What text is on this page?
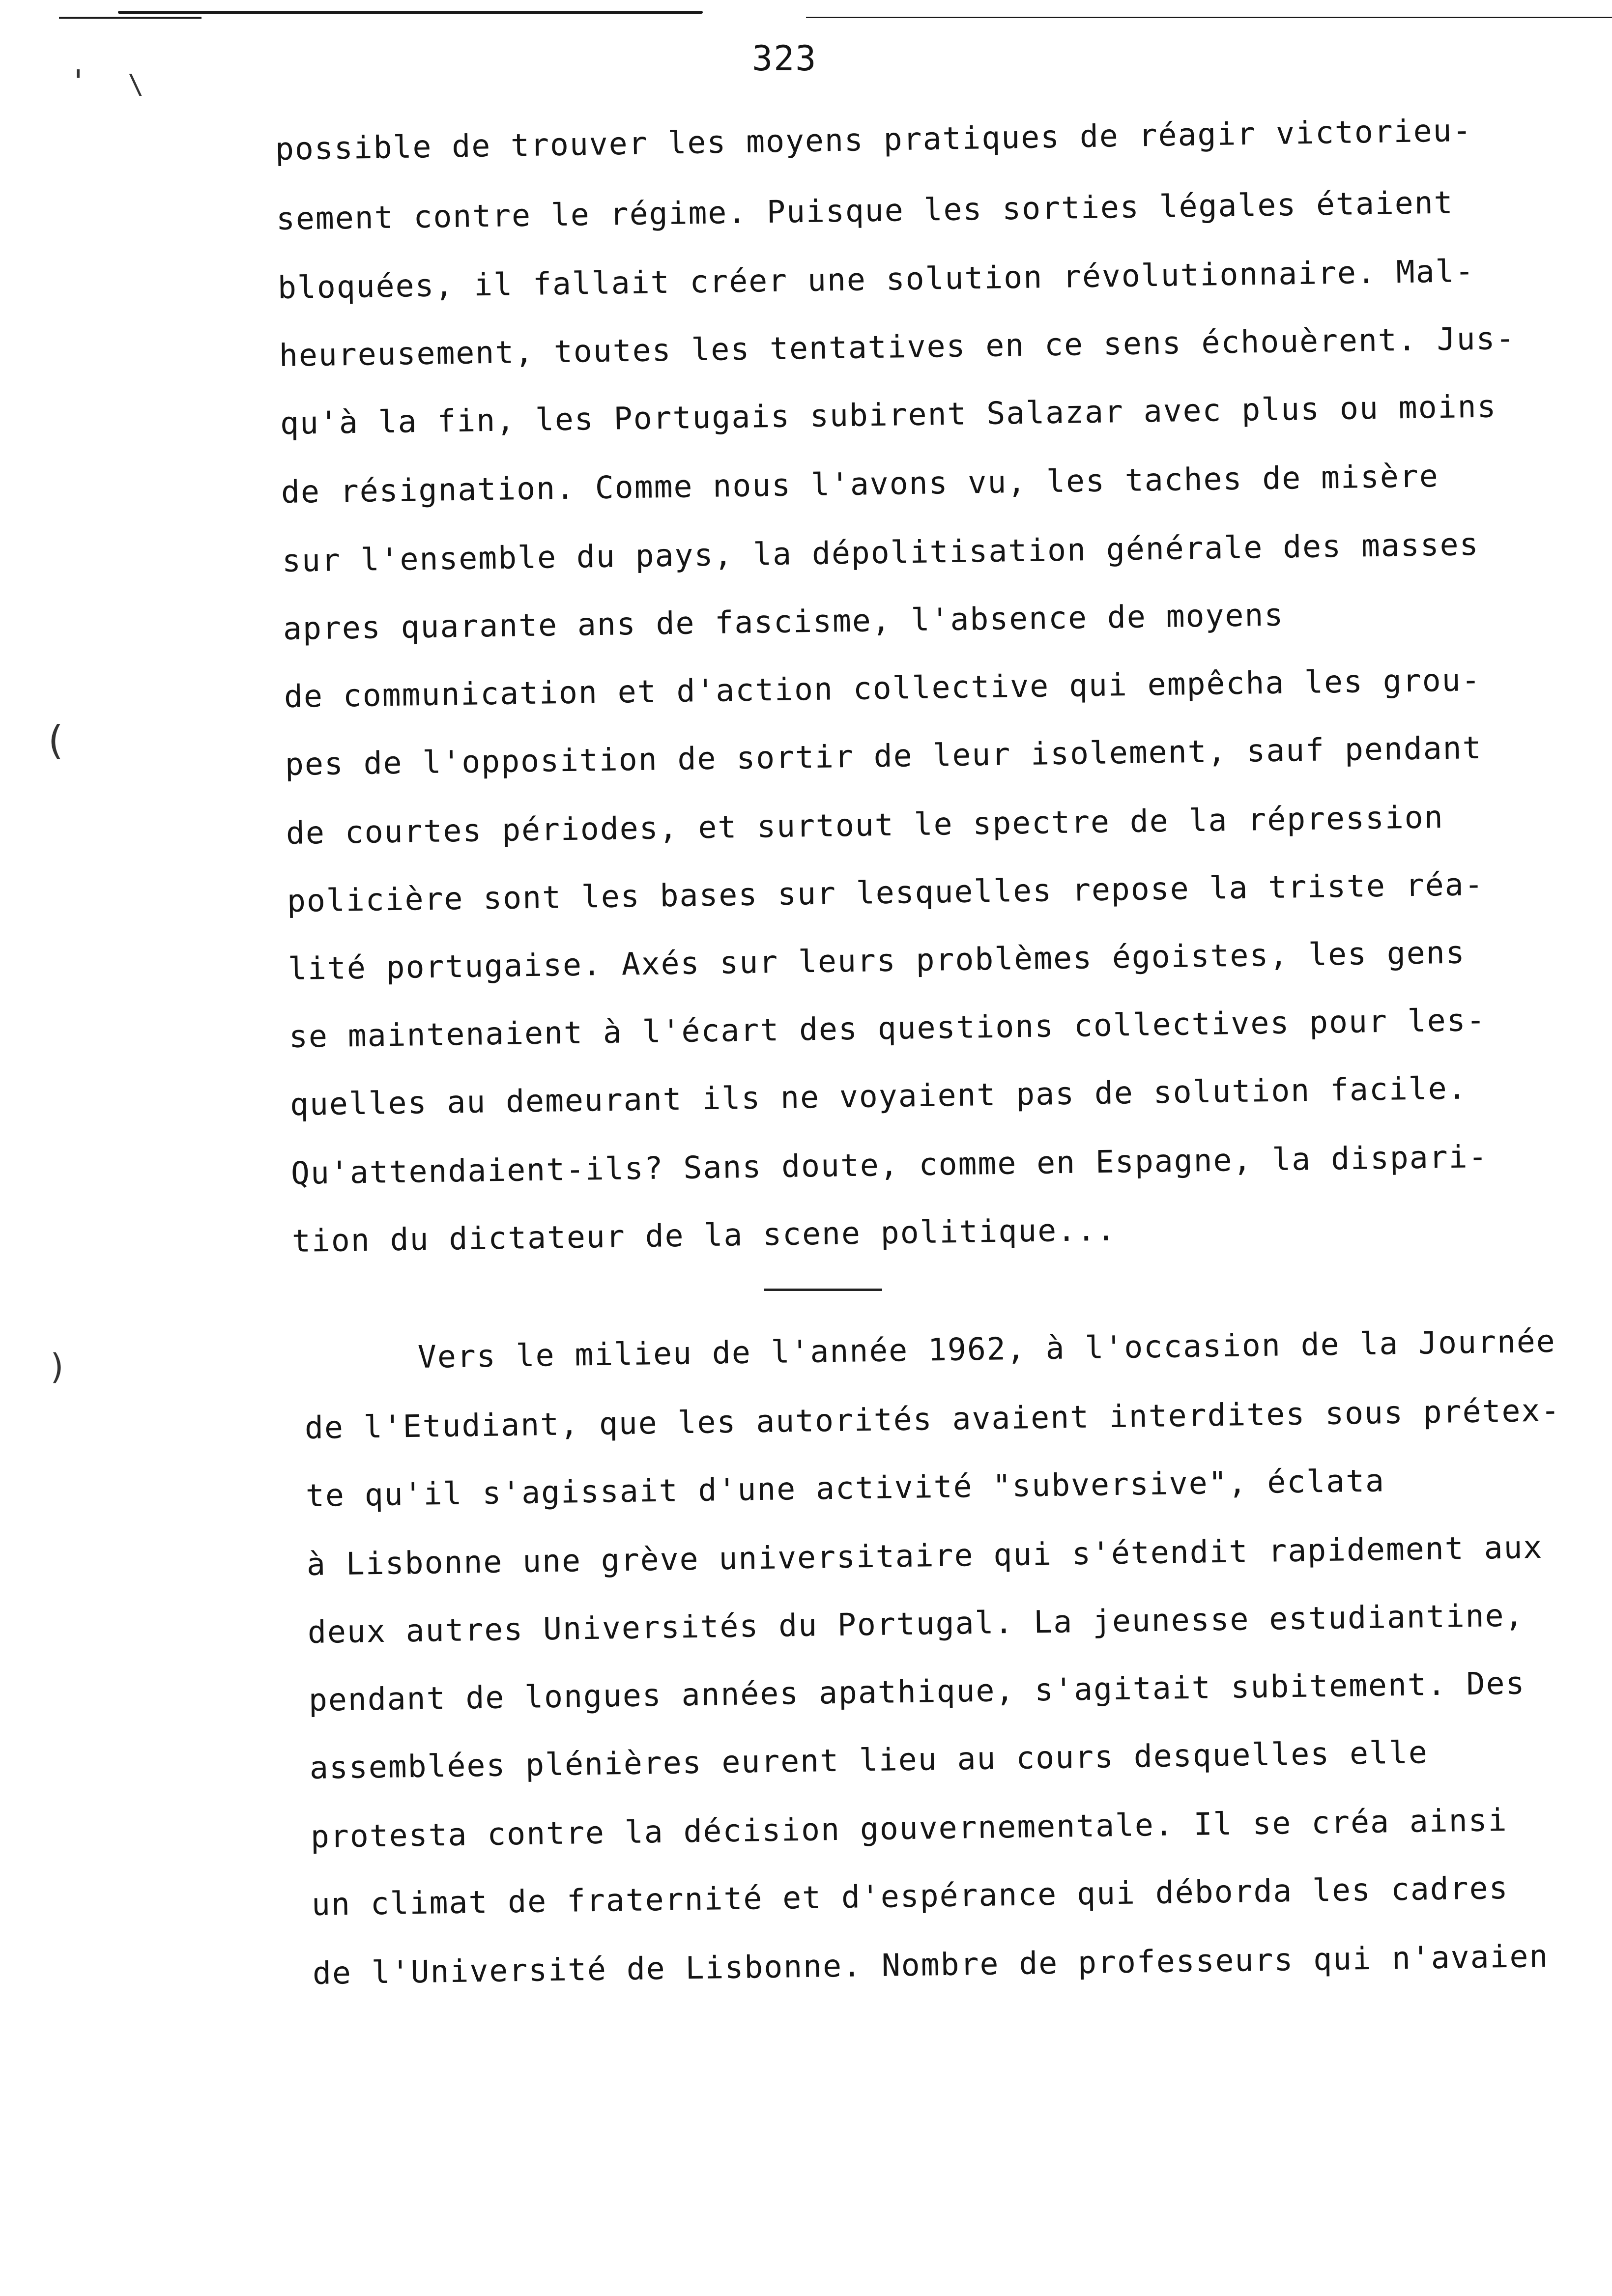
' \
(
)
323
possible de trouver les moyens pratiques de réagir victorieu-
sement contre le régime. Puisque les sorties légales étaient
bloquées, il fallait créer une solution révolutionnaire. Mal-
heureusement, toutes les tentatives en ce sens échouèrent. Jus-
qu'à la fin, les Portugais subirent Salazar avec plus ou moins
de résignation. Comme nous l'avons vu, les taches de misère
sur l'ensemble du pays, la dépolitisation générale des masses
apres quarante ans de fascisme, l'absence de moyens
de communication et d'action collective qui empêcha les grou-
pes de l'opposition de sortir de leur isolement, sauf pendant
de courtes périodes, et surtout le spectre de la répression
policière sont les bases sur lesquelles repose la triste réa-
lité portugaise. Axés sur leurs problèmes égoistes, les gens
se maintenaient à l'écart des questions collectives pour les-
quelles au demeurant ils ne voyaient pas de solution facile.
Qu'attendaient-ils? Sans doute, comme en Espagne, la dispari-
tion du dictateur de la scene politique...
Vers le milieu de l'année 1962, à l'occasion de la Journée
de l'Etudiant, que les autorités avaient interdites sous prétex-
te qu'il s'agissait d'une activité "subversive", éclata
à Lisbonne une grève universitaire qui s'étendit rapidement aux
deux autres Universités du Portugal. La jeunesse estudiantine,
pendant de longues années apathique, s'agitait subitement. Des
assemblées plénières eurent lieu au cours desquelles elle
protesta contre la décision gouvernementale. Il se créa ainsi
un climat de fraternité et d'espérance qui déborda les cadres
de l'Université de Lisbonne. Nombre de professeurs qui n'avaien
